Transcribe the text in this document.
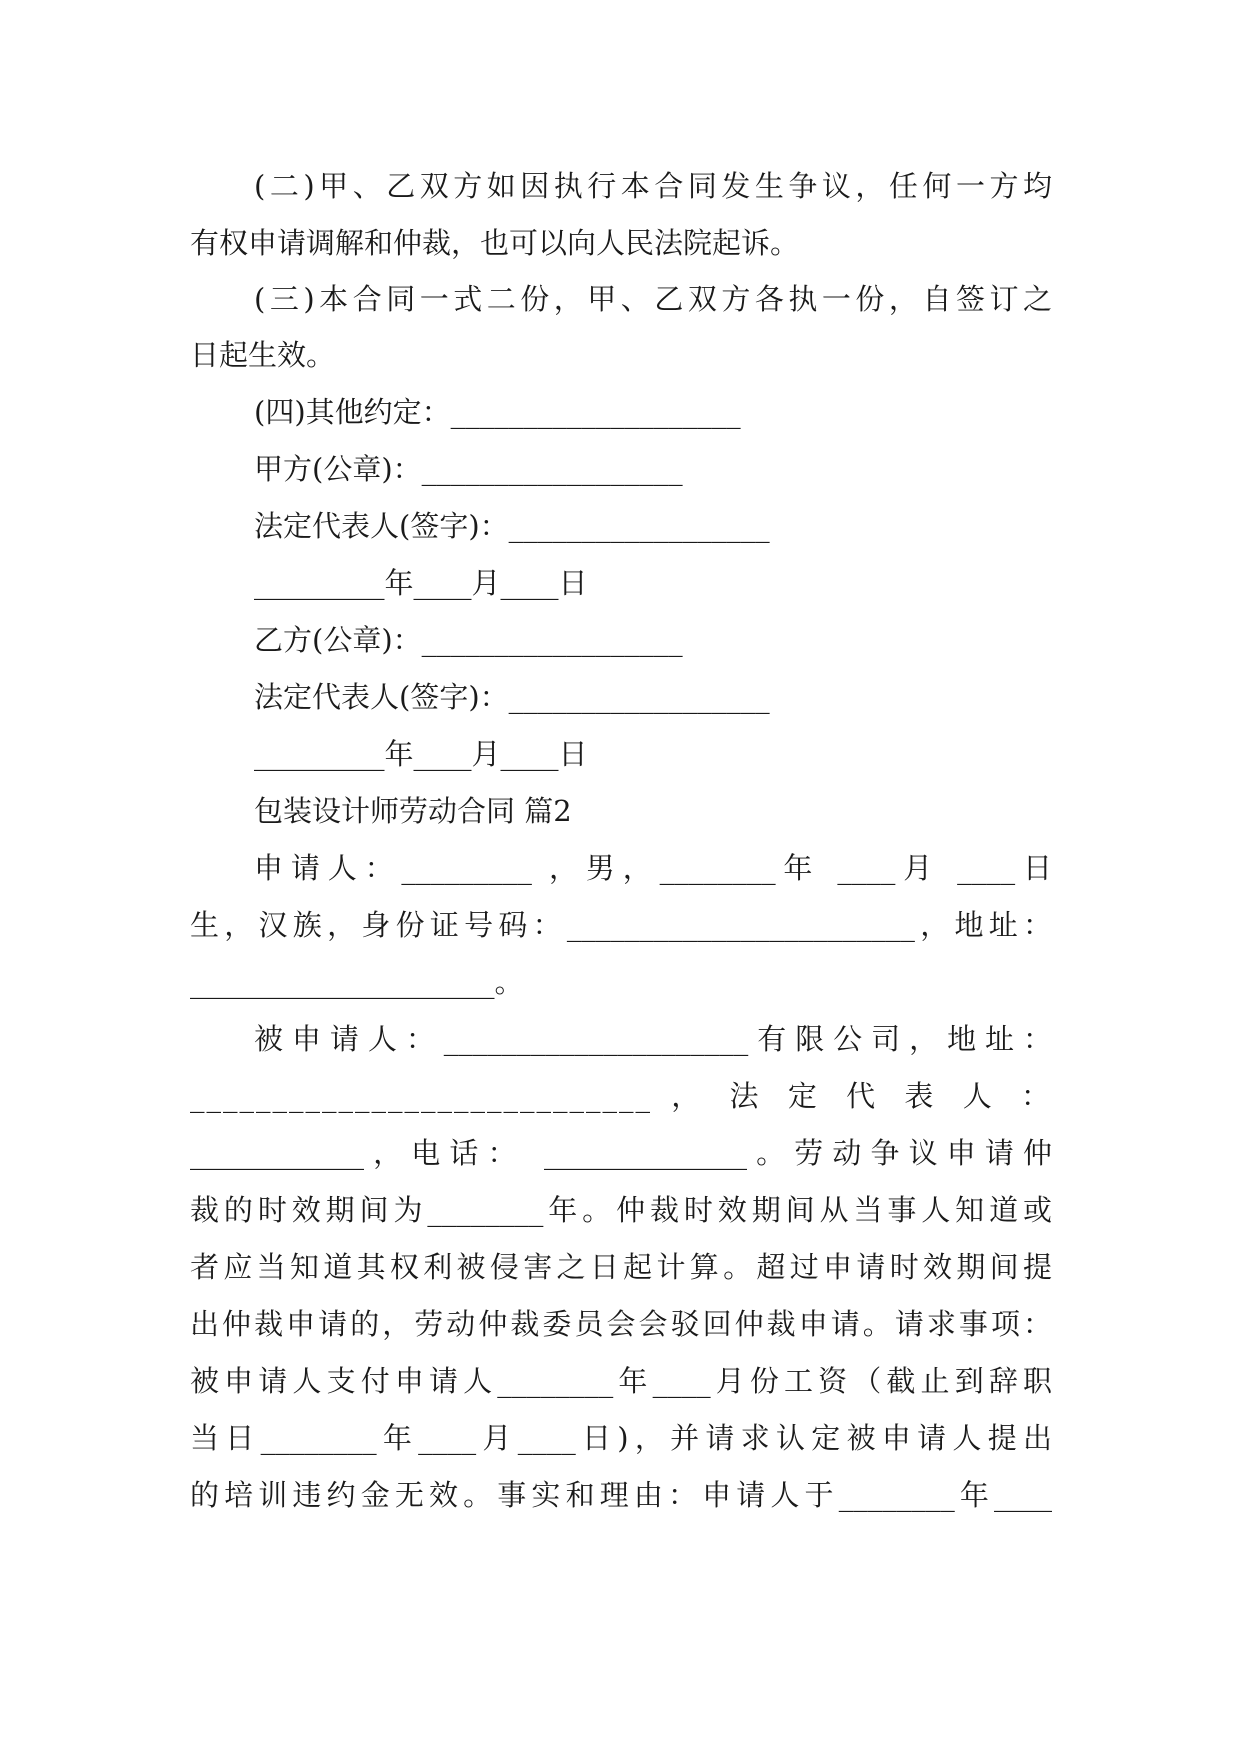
(二)甲、乙双方如因执行本合同发生争议，任何一方均
有权申请调解和仲裁，也可以向人民法院起诉。
(三)本合同一式二份，甲、乙双方各执一份，自签订之
日起生效。
(四)其他约定：____________________
甲方(公章)：__________________
法定代表人(签字)：__________________
_________年____月____日
乙方(公章)：__________________
法定代表人(签字)：__________________
_________年____月____日
包装设计师劳动合同 篇2
申请人：_________ ，男，________年 ____月 ____日
生，汉族，身份证号码：________________________，地址：
_____________________。
被申请人：_____________________有限公司，地址：
____________________________ ， 法 定 代 表 人 ：
____________，电话： ______________。劳动争议申请仲
裁的时效期间为________年。仲裁时效期间从当事人知道或
者应当知道其权利被侵害之日起计算。超过申请时效期间提
出仲裁申请的，劳动仲裁委员会会驳回仲裁申请。请求事项：
被申请人支付申请人________年____月份工资（截止到辞职
当日________年____月____日)，并请求认定被申请人提出
的培训违约金无效。事实和理由：申请人于________年____
